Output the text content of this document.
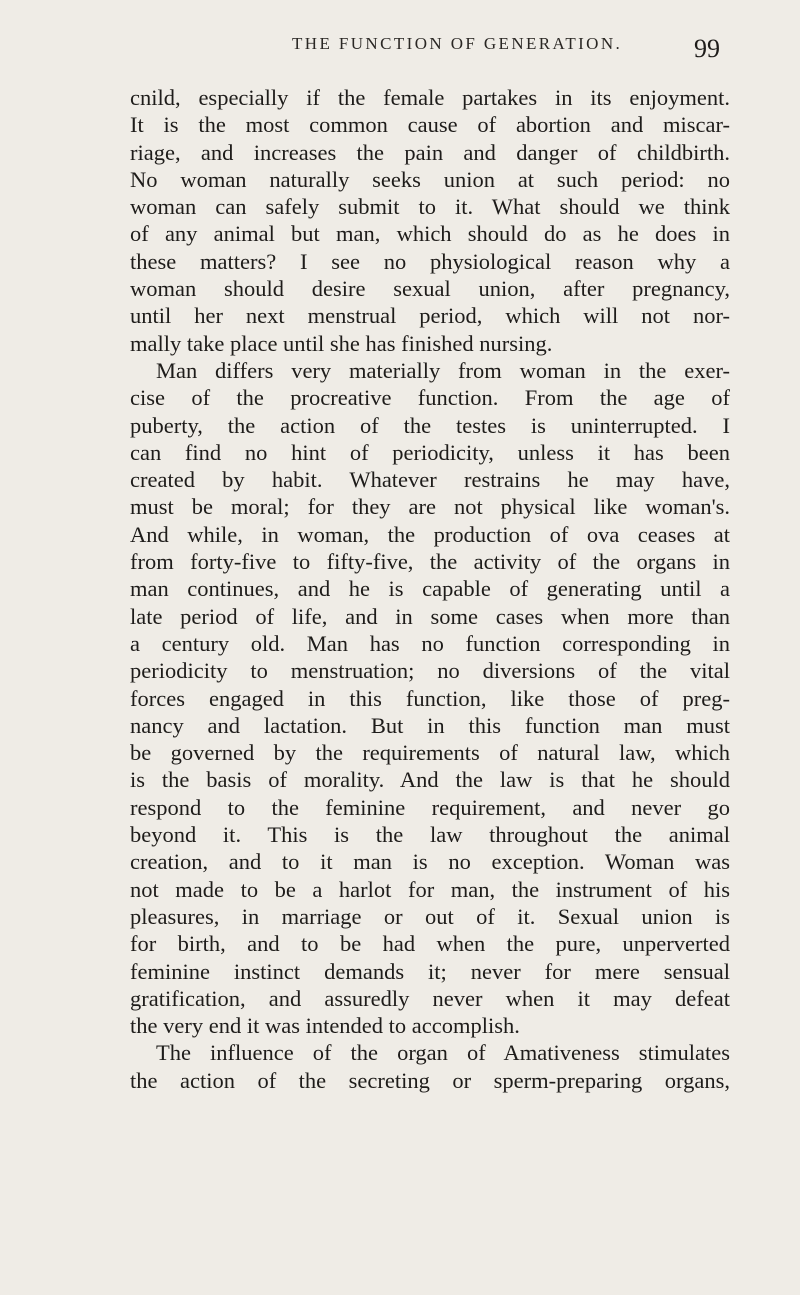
THE FUNCTION OF GENERATION.	99
cnild, especially if the female partakes in its enjoyment.
It is the most common cause of abortion and miscar-
riage, and increases the pain and danger of childbirth.
No woman naturally seeks union at such period: no
woman can safely submit to it. What should we think
of any animal but man, which should do as he does in
these matters? I see no physiological reason why a
woman should desire sexual union, after pregnancy,
until her next menstrual period, which will not nor-
mally take place until she has finished nursing.
Man differs very materially from woman in the exer-
cise of the procreative function. From the age of
puberty, the action of the testes is uninterrupted. I
can find no hint of periodicity, unless it has been
created by habit. Whatever restrains he may have,
must be moral; for they are not physical like woman's.
And while, in woman, the production of ova ceases at
from forty-five to fifty-five, the activity of the organs in
man continues, and he is capable of generating until a
late period of life, and in some cases when more than
a century old. Man has no function corresponding in
periodicity to menstruation; no diversions of the vital
forces engaged in this function, like those of preg-
nancy and lactation. But in this function man must
be governed by the requirements of natural law, which
is the basis of morality. And the law is that he should
respond to the feminine requirement, and never go
beyond it. This is the law throughout the animal
creation, and to it man is no exception. Woman was
not made to be a harlot for man, the instrument of his
pleasures, in marriage or out of it. Sexual union is
for birth, and to be had when the pure, unperverted
feminine instinct demands it; never for mere sensual
gratification, and assuredly never when it may defeat
the very end it was intended to accomplish.
The influence of the organ of Amativeness stimulates
the action of the secreting or sperm-preparing organs,
